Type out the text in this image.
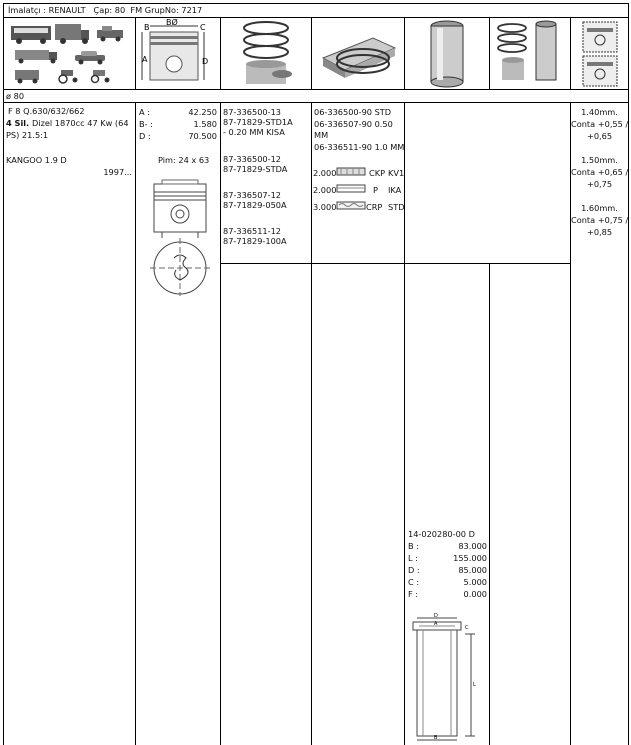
İmalatçı : RENAULT   Çap: 80  FM GrupNo: 7217
B
BØ
C
A	D
ø 80
F 8 Q.630/632/662
4 Sil. Dizel 1870cc 47 Kw (64
PS) 21.5:1
KANGOO 1.9 D
1997...
A :	42.250
B- :	1.580
D :	70.500
Pim: 24 x 63
87-336500-13
87-71829-STD1A
- 0.20 MM KISA
87-336500-12
87-71829-STDA
87-336507-12
87-71829-050A
87-336511-12
87-71829-100A
06-336500-90 STD
06-336507-90 0.50
MM
06-336511-90 1.0 MM
2.000	CKP KV1
2.000	P IKA
3.000	CRP STD
14-020280-00 D
B :	83.000
L :	155.000
D :	85.000
C :	5.000
F :	0.000
D
A
L
B
C
1.40mm.
Conta +0,55 /
+0,65
1.50mm.
Conta +0,65 /
+0,75
1.60mm.
Conta +0,75 /
+0,85
